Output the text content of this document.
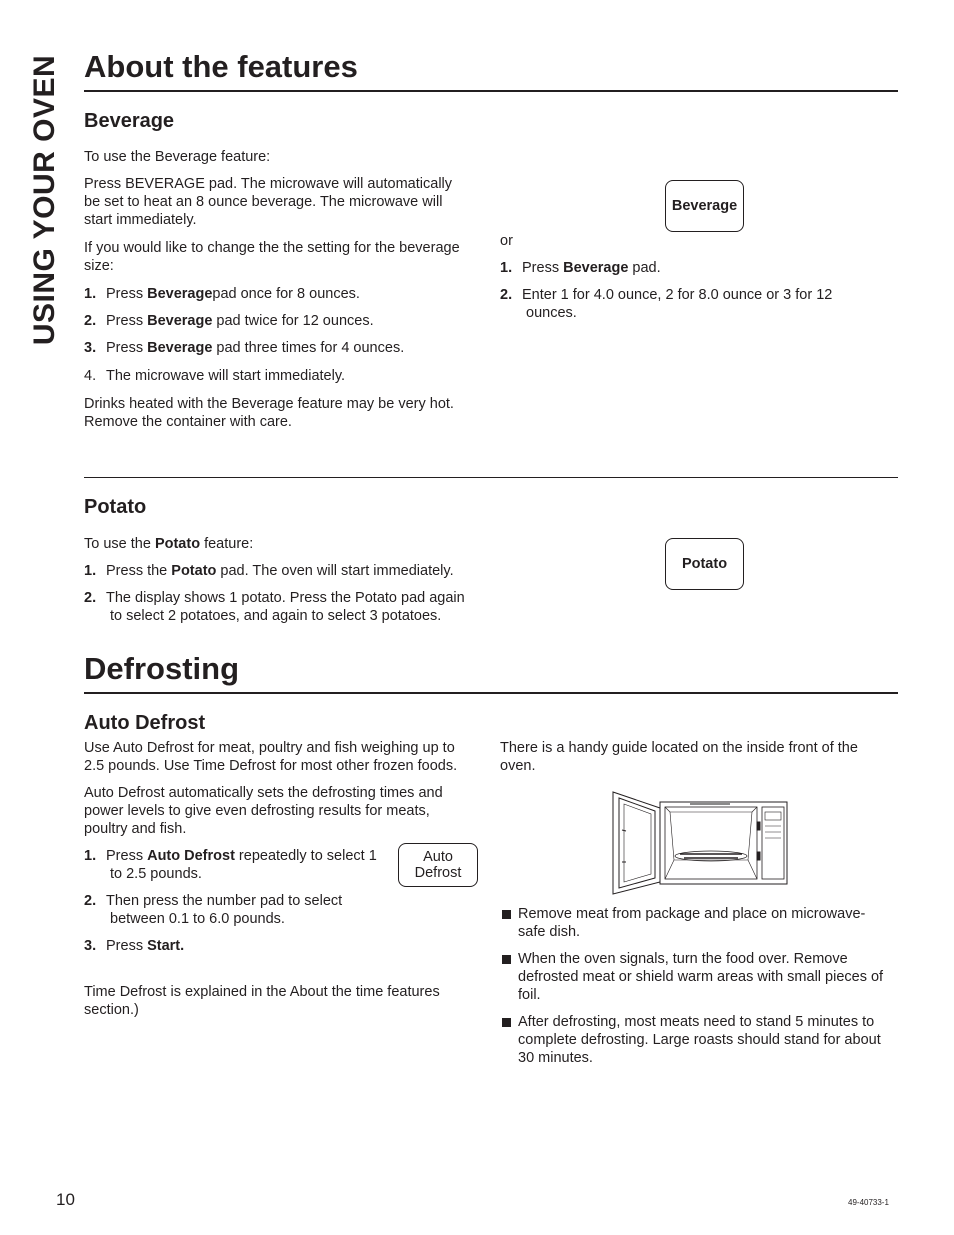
USING YOUR OVEN About the features
Beverage
To use the Beverage feature:
Press BEVERAGE pad. The microwave will automatically
be set to heat an 8 ounce beverage. The microwave will
start immediately.
If you would like to change the the setting for the beverage
size:
1. Press Beveragepad once for 8 ounces.
2. Press Beverage pad twice for 12 ounces.
3. Press Beverage pad three times for 4 ounces.
4. The microwave will start immediately.
Drinks heated with the Beverage feature may be very hot.
Remove the container with care.
Beverage
or
1. Press Beverage pad.
2. Enter 1 for 4.0 ounce, 2 for 8.0 ounce or 3 for 12
ounces.
Potato
To use the Potato feature:
1. Press the Potato pad. The oven will start immediately.
2. The display shows 1 potato. Press the Potato pad again
to select 2 potatoes, and again to select 3 potatoes.
Potato
Defrosting
Auto Defrost
Use Auto Defrost for meat, poultry and fish weighing up to
2.5 pounds. Use Time Defrost for most other frozen foods.
Auto Defrost automatically sets the defrosting times and
power levels to give even defrosting results for meats,
poultry and fish.
1. Press Auto Defrost repeatedly to select 1
to 2.5 pounds.
2. Then press the number pad to select
between 0.1 to 6.0 pounds.
3. Press Start.
Time Defrost is explained in the About the time features
section.)
Auto
Defrost
There is a handy guide located on the inside front of the
oven.
Remove meat from package and place on microwave-
safe dish.
When the oven signals, turn the food over. Remove
defrosted meat or shield warm areas with small pieces of
foil.
After defrosting, most meats need to stand 5 minutes to
complete defrosting. Large roasts should stand for about
30 minutes.
10	49-40733-1
